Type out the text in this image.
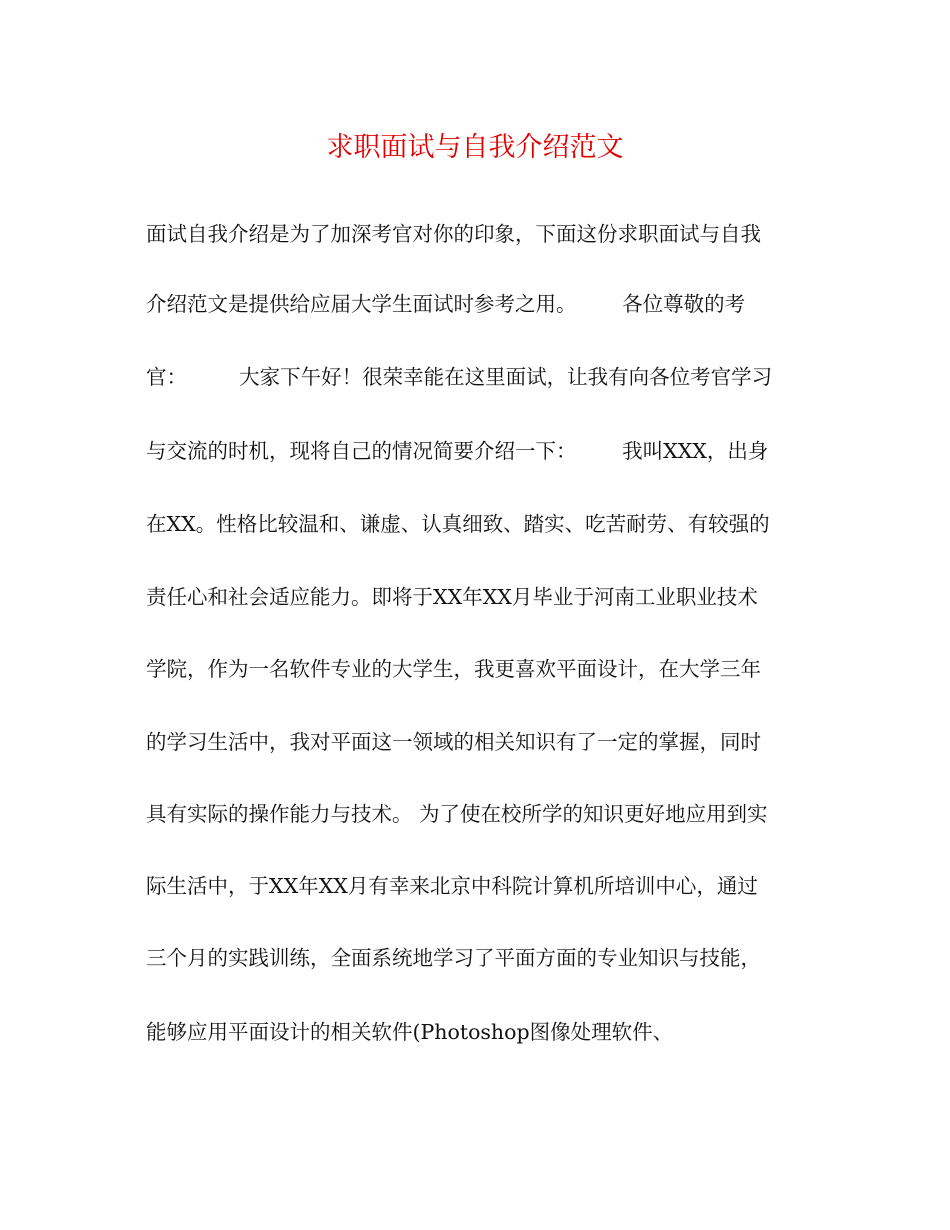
求职面试与自我介绍范文

面试自我介绍是为了加深考官对你的印象，下面这份求职面试与自我

介绍范文是提供给应届大学生面试时参考之用。       各位尊敬的考

官：        大家下午好！很荣幸能在这里面试，让我有向各位考官学习

与交流的时机，现将自己的情况简要介绍一下：       我叫XXX，出身

在XX。性格比较温和、谦虚、认真细致、踏实、吃苦耐劳、有较强的

责任心和社会适应能力。即将于XX年XX月毕业于河南工业职业技术

学院，作为一名软件专业的大学生，我更喜欢平面设计，在大学三年

的学习生活中，我对平面这一领域的相关知识有了一定的掌握，同时

具有实际的操作能力与技术。 为了使在校所学的知识更好地应用到实

际生活中，于XX年XX月有幸来北京中科院计算机所培训中心，通过

三个月的实践训练，全面系统地学习了平面方面的专业知识与技能，

能够应用平面设计的相关软件(Photoshop图像处理软件、
